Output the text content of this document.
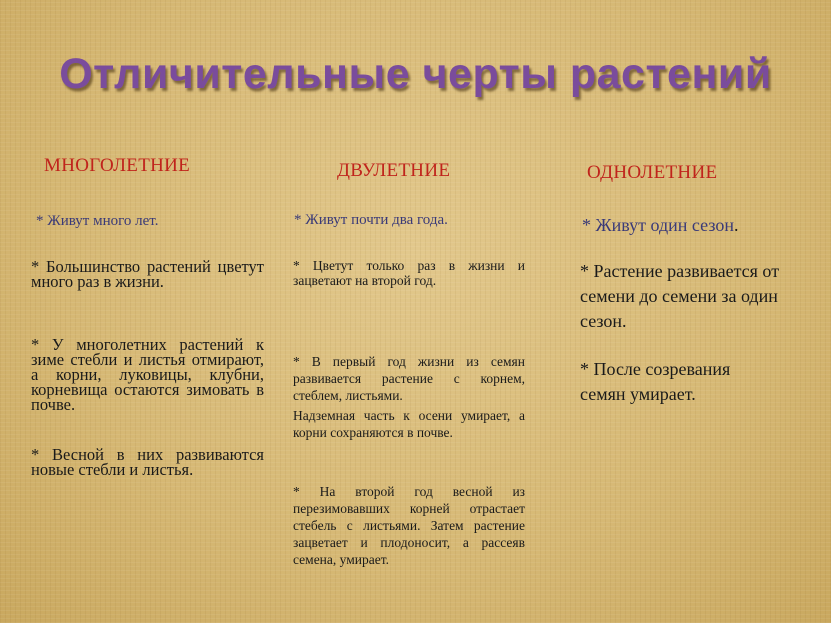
Отличительные черты растений
МНОГОЛЕТНИЕ

* Живут много лет.

* Большинство растений цветут много раз в жизни.

* У многолетних растений к зиме стебли и листья отмирают, а корни, луковицы, клубни, корневища остаются зимовать в почве.

* Весной в них развиваются новые стебли и листья.

ДВУЛЕТНИЕ

* Живут почти два года.

* Цветут только раз в жизни и зацветают на второй год.

* В первый год жизни из семян развивается растение с корнем, стеблем, листьями.

Надземная часть к осени умирает, а корни сохраняются в почве.

* На второй год весной из перезимовавших корней отрастает стебель с листьями. Затем растение зацветает и плодоносит, а рассеяв семена, умирает.

ОДНОЛЕТНИЕ

* Живут один сезон.

* Растение развивается от семени до семени за один сезон.

* После созревания семян умирает.
